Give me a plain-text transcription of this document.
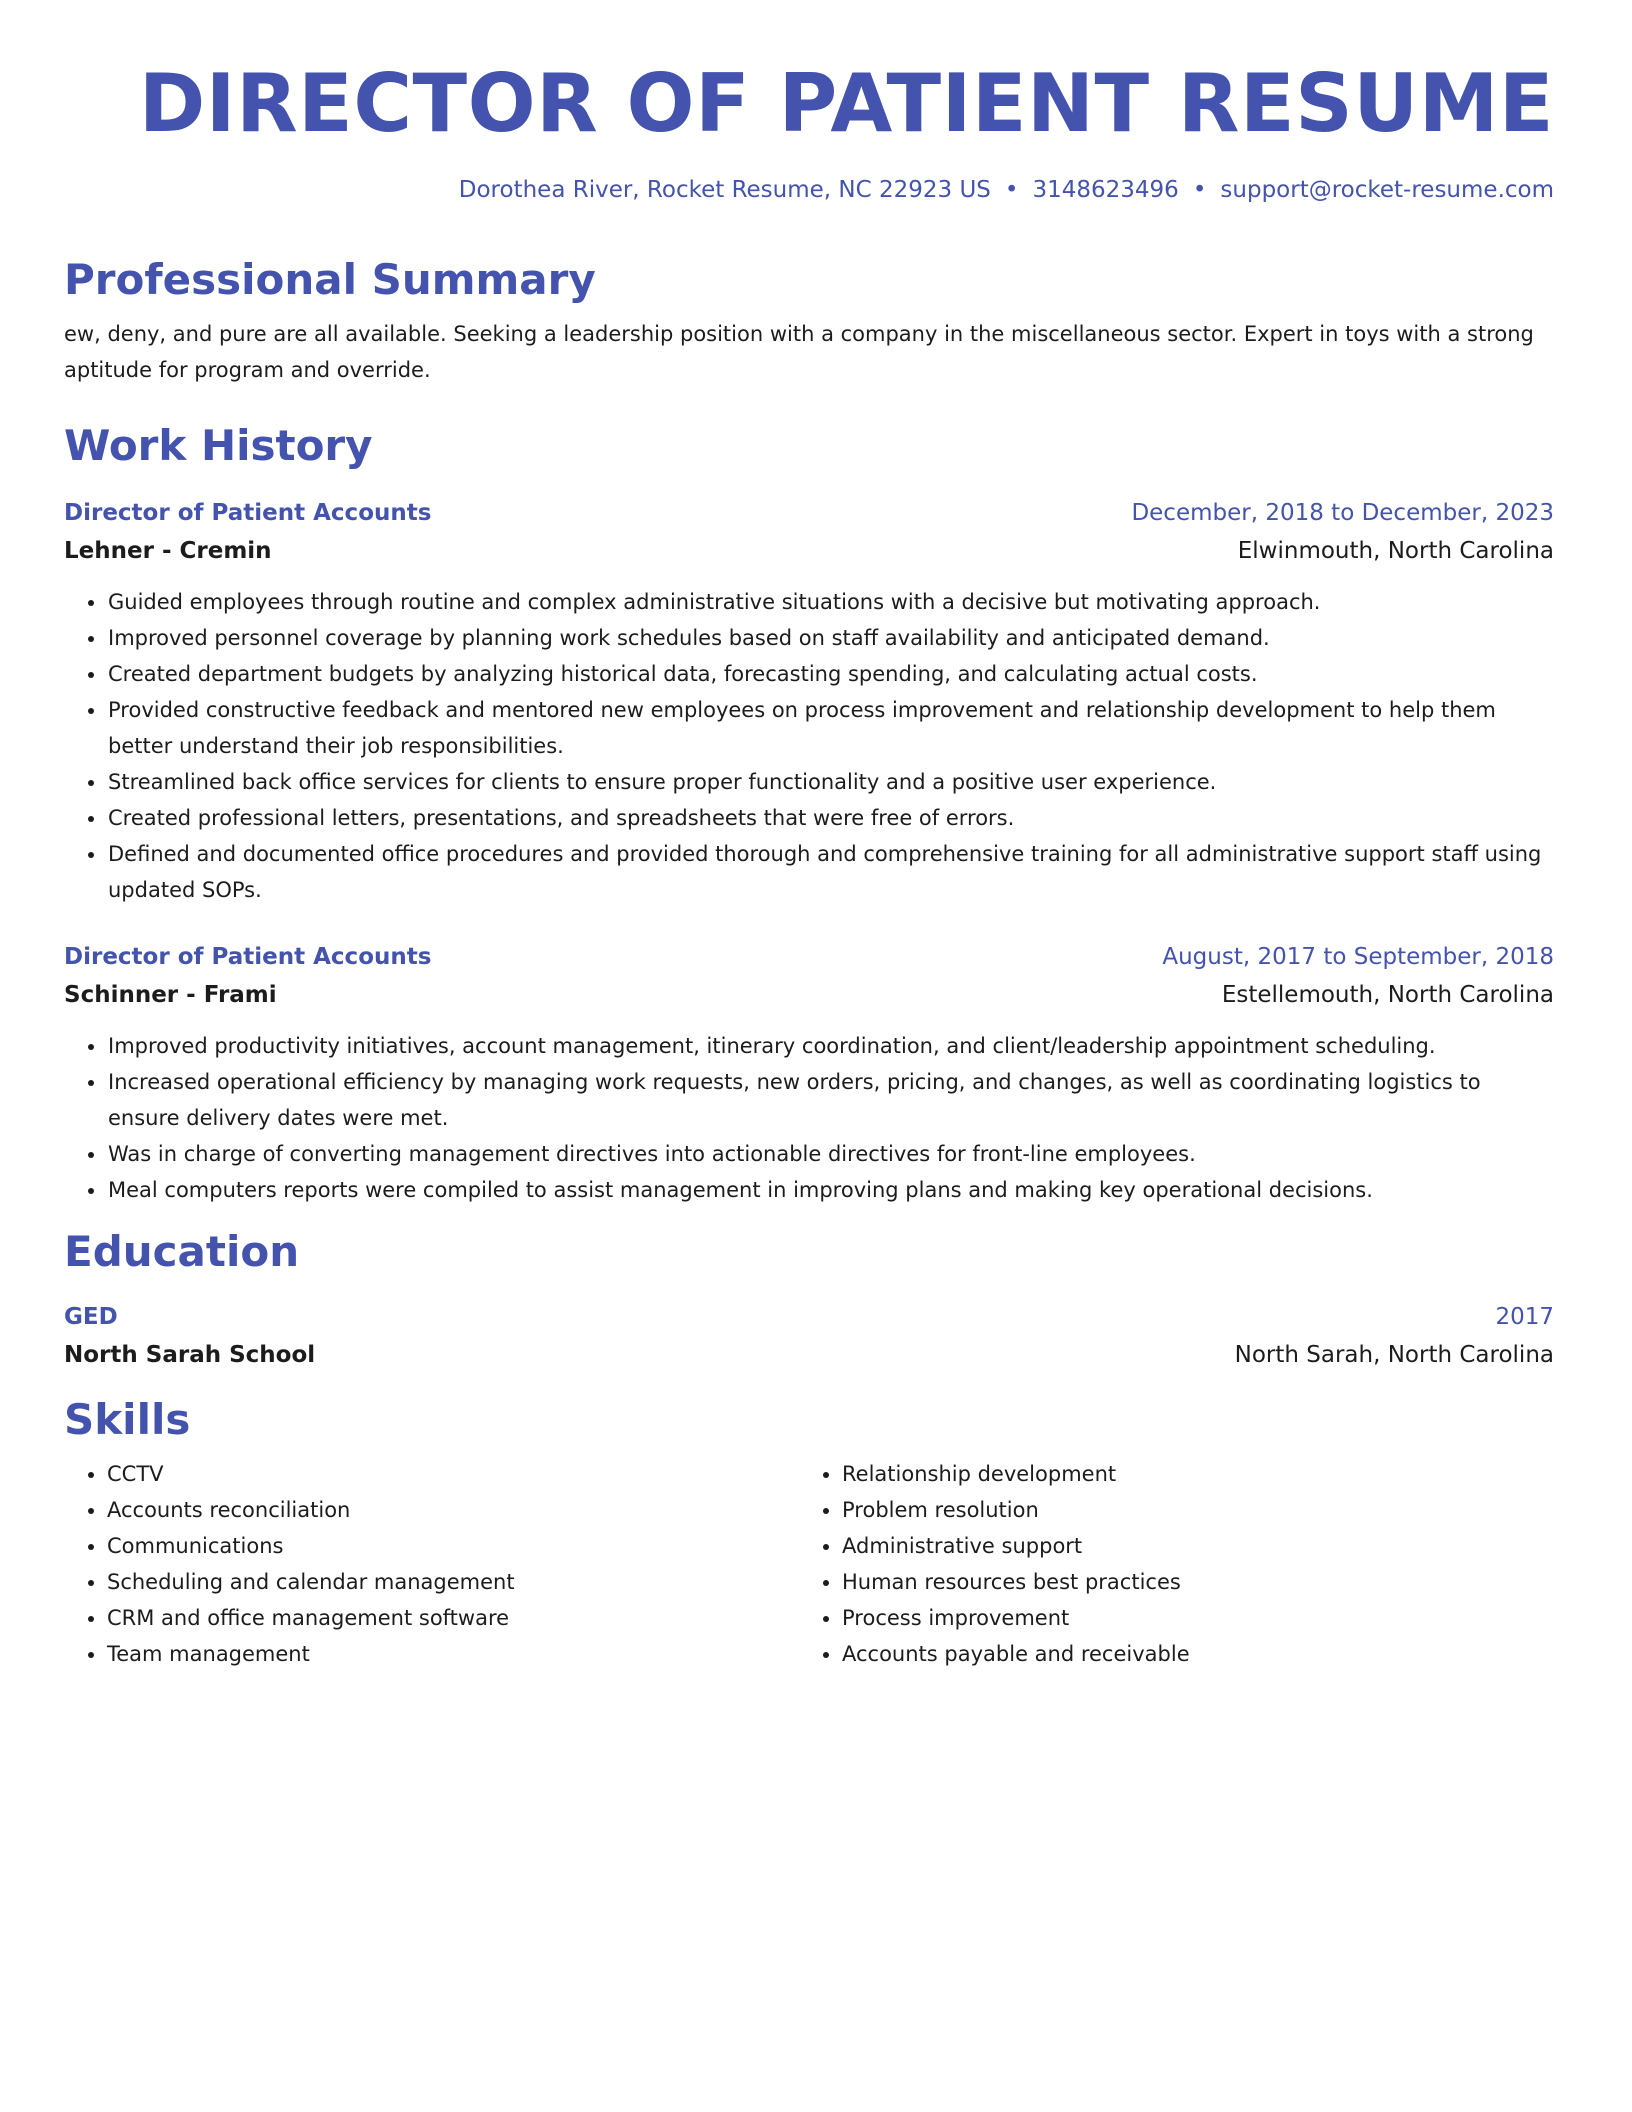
DIRECTOR OF PATIENT RESUME
Dorothea River, Rocket Resume, NC 22923 US • 3148623496 • support@rocket-resume.com
Professional Summary
ew, deny, and pure are all available. Seeking a leadership position with a company in the miscellaneous sector. Expert in toys with a strong aptitude for program and override.
Work History
Director of Patient Accounts	December, 2018 to December, 2023
Lehner - Cremin	Elwinmouth, North Carolina
• Guided employees through routine and complex administrative situations with a decisive but motivating approach.
• Improved personnel coverage by planning work schedules based on staff availability and anticipated demand.
• Created department budgets by analyzing historical data, forecasting spending, and calculating actual costs.
• Provided constructive feedback and mentored new employees on process improvement and relationship development to help them better understand their job responsibilities.
• Streamlined back office services for clients to ensure proper functionality and a positive user experience.
• Created professional letters, presentations, and spreadsheets that were free of errors.
• Defined and documented office procedures and provided thorough and comprehensive training for all administrative support staff using updated SOPs.
Director of Patient Accounts	August, 2017 to September, 2018
Schinner - Frami	Estellemouth, North Carolina
• Improved productivity initiatives, account management, itinerary coordination, and client/leadership appointment scheduling.
• Increased operational efficiency by managing work requests, new orders, pricing, and changes, as well as coordinating logistics to ensure delivery dates were met.
• Was in charge of converting management directives into actionable directives for front-line employees.
• Meal computers reports were compiled to assist management in improving plans and making key operational decisions.
Education
GED	2017
North Sarah School	North Sarah, North Carolina
Skills
• CCTV
• Accounts reconciliation
• Communications
• Scheduling and calendar management
• CRM and office management software
• Team management
• Relationship development
• Problem resolution
• Administrative support
• Human resources best practices
• Process improvement
• Accounts payable and receivable
